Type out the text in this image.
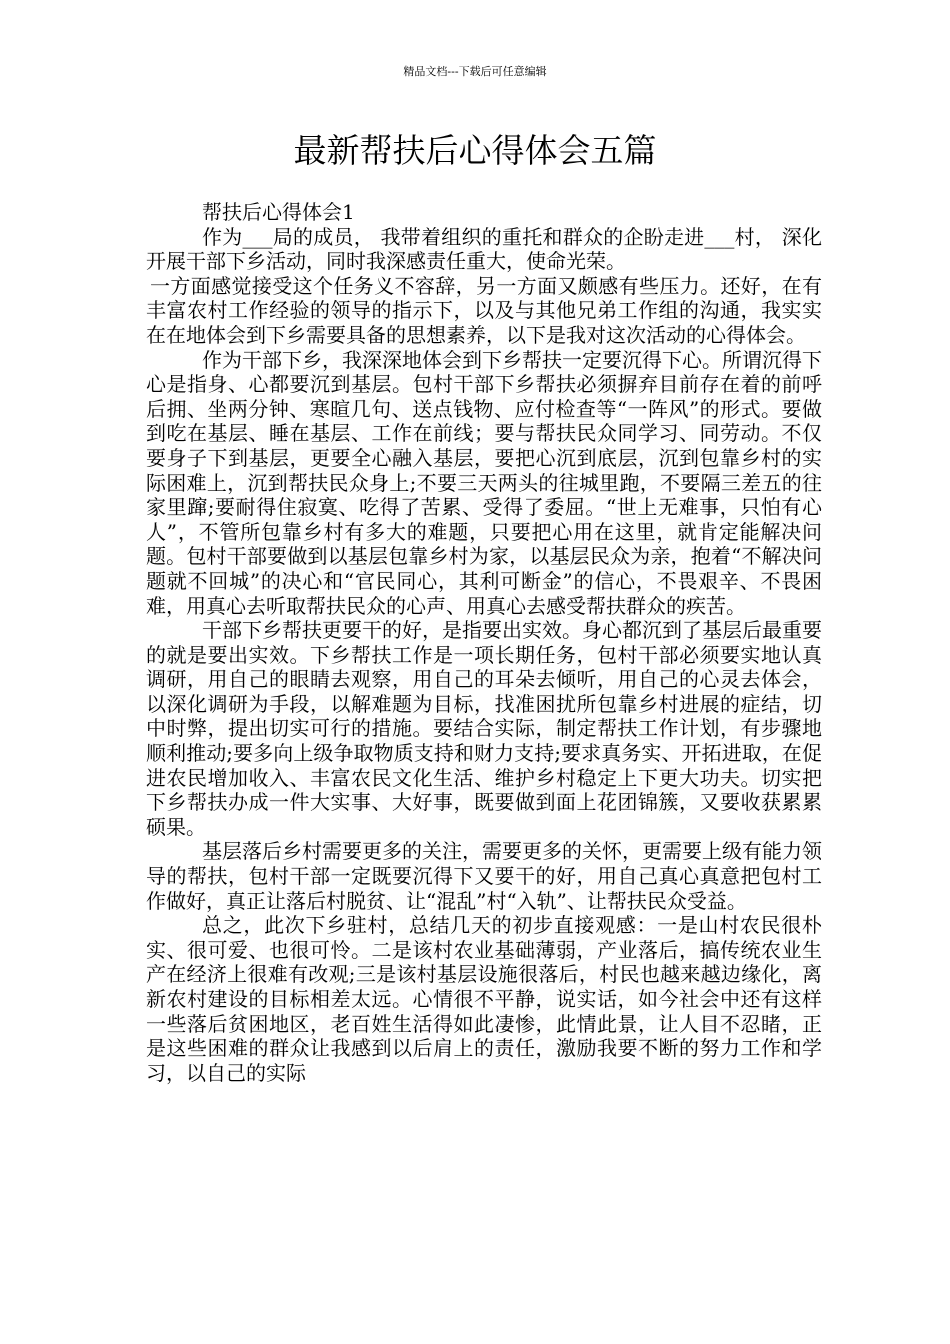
精品文档---下载后可任意编辑
最新帮扶后心得体会五篇

帮扶后心得体会1

作为___局的成员， 我带着组织的重托和群众的企盼走进___村， 深化开展干部下乡活动，同时我深感责任重大，使命光荣。

一方面感觉接受这个任务义不容辞，另一方面又颇感有些压力。还好，在有丰富农村工作经验的领导的指示下，以及与其他兄弟工作组的沟通，我实实在在地体会到下乡需要具备的思想素养，以下是我对这次活动的心得体会。

作为干部下乡，我深深地体会到下乡帮扶一定要沉得下心。所谓沉得下心是指身、心都要沉到基层。包村干部下乡帮扶必须摒弃目前存在着的前呼后拥、坐两分钟、寒暄几句、送点钱物、应付检查等“一阵风”的形式。要做到吃在基层、睡在基层、工作在前线；要与帮扶民众同学习、同劳动。不仅要身子下到基层，更要全心融入基层，要把心沉到底层，沉到包靠乡村的实际困难上，沉到帮扶民众身上;不要三天两头的往城里跑，不要隔三差五的往家里蹿;要耐得住寂寞、吃得了苦累、受得了委屈。“世上无难事，只怕有心人”，不管所包靠乡村有多大的难题，只要把心用在这里，就肯定能解决问题。包村干部要做到以基层包靠乡村为家，以基层民众为亲，抱着“不解决问题就不回城”的决心和“官民同心，其利可断金”的信心，不畏艰辛、不畏困难，用真心去听取帮扶民众的心声、用真心去感受帮扶群众的疾苦。

干部下乡帮扶更要干的好，是指要出实效。身心都沉到了基层后最重要的就是要出实效。下乡帮扶工作是一项长期任务，包村干部必须要实地认真调研，用自己的眼睛去观察，用自己的耳朵去倾听，用自己的心灵去体会，以深化调研为手段，以解难题为目标，找准困扰所包靠乡村进展的症结，切中时弊，提出切实可行的措施。要结合实际，制定帮扶工作计划，有步骤地顺利推动;要多向上级争取物质支持和财力支持;要求真务实、开拓进取，在促进农民增加收入、丰富农民文化生活、维护乡村稳定上下更大功夫。切实把下乡帮扶办成一件大实事、大好事，既要做到面上花团锦簇，又要收获累累硕果。

基层落后乡村需要更多的关注，需要更多的关怀，更需要上级有能力领导的帮扶，包村干部一定既要沉得下又要干的好，用自己真心真意把包村工作做好，真正让落后村脱贫、让“混乱”村“入轨”、让帮扶民众受益。

总之，此次下乡驻村，总结几天的初步直接观感：一是山村农民很朴实、很可爱、也很可怜。二是该村农业基础薄弱，产业落后，搞传统农业生产在经济上很难有改观;三是该村基层设施很落后，村民也越来越边缘化，离新农村建设的目标相差太远。心情很不平静，说实话，如今社会中还有这样一些落后贫困地区，老百姓生活得如此凄惨，此情此景，让人目不忍睹，正是这些困难的群众让我感到以后肩上的责任，激励我要不断的努力工作和学习，以自己的实际
